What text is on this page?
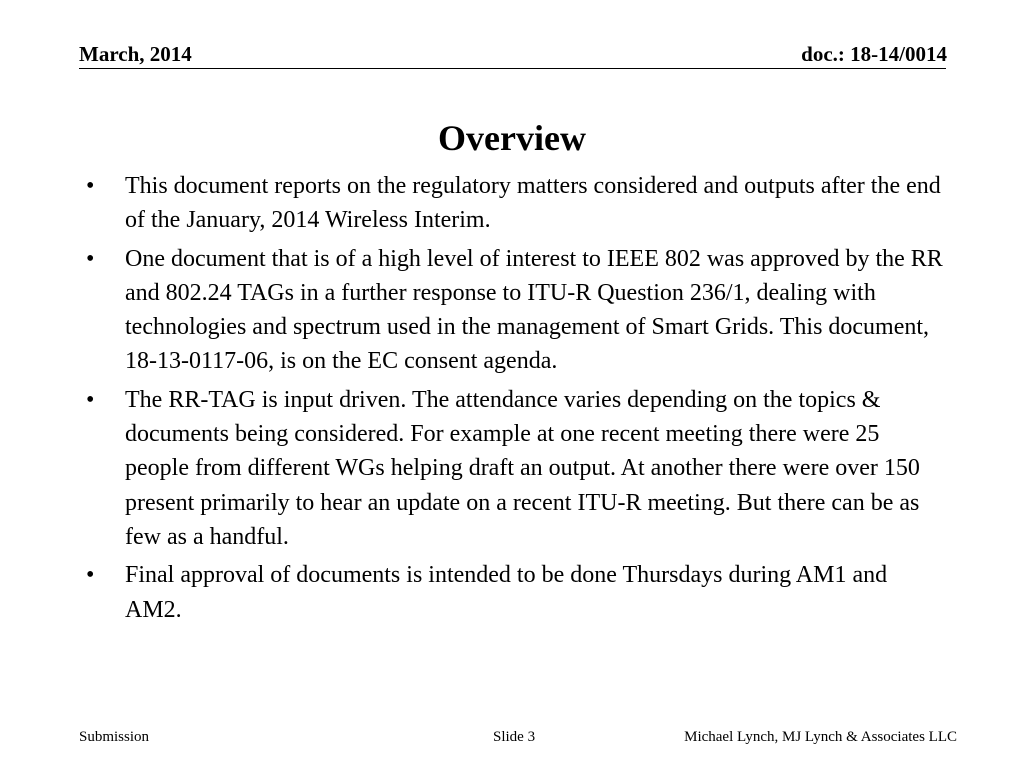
March, 2014	doc.: 18-14/0014
Overview
•	This document reports on the regulatory matters considered and outputs after the end of the January, 2014 Wireless Interim.
•	One document that is of a high level of interest to IEEE 802 was approved by the RR and 802.24 TAGs in a further response to ITU-R Question 236/1, dealing with technologies and spectrum used in the management of Smart Grids. This document, 18-13-0117-06, is on the EC consent agenda.
•	The RR-TAG is input driven. The attendance varies depending on the topics & documents being considered. For example at one recent meeting there were 25 people from different WGs helping draft an output. At another there were over 150 present primarily to hear an update on a recent ITU-R meeting. But there can be as few as a handful.
•	Final approval of documents is intended to be done Thursdays during AM1 and AM2.
Submission	Slide 3	Michael Lynch, MJ Lynch & Associates LLC
